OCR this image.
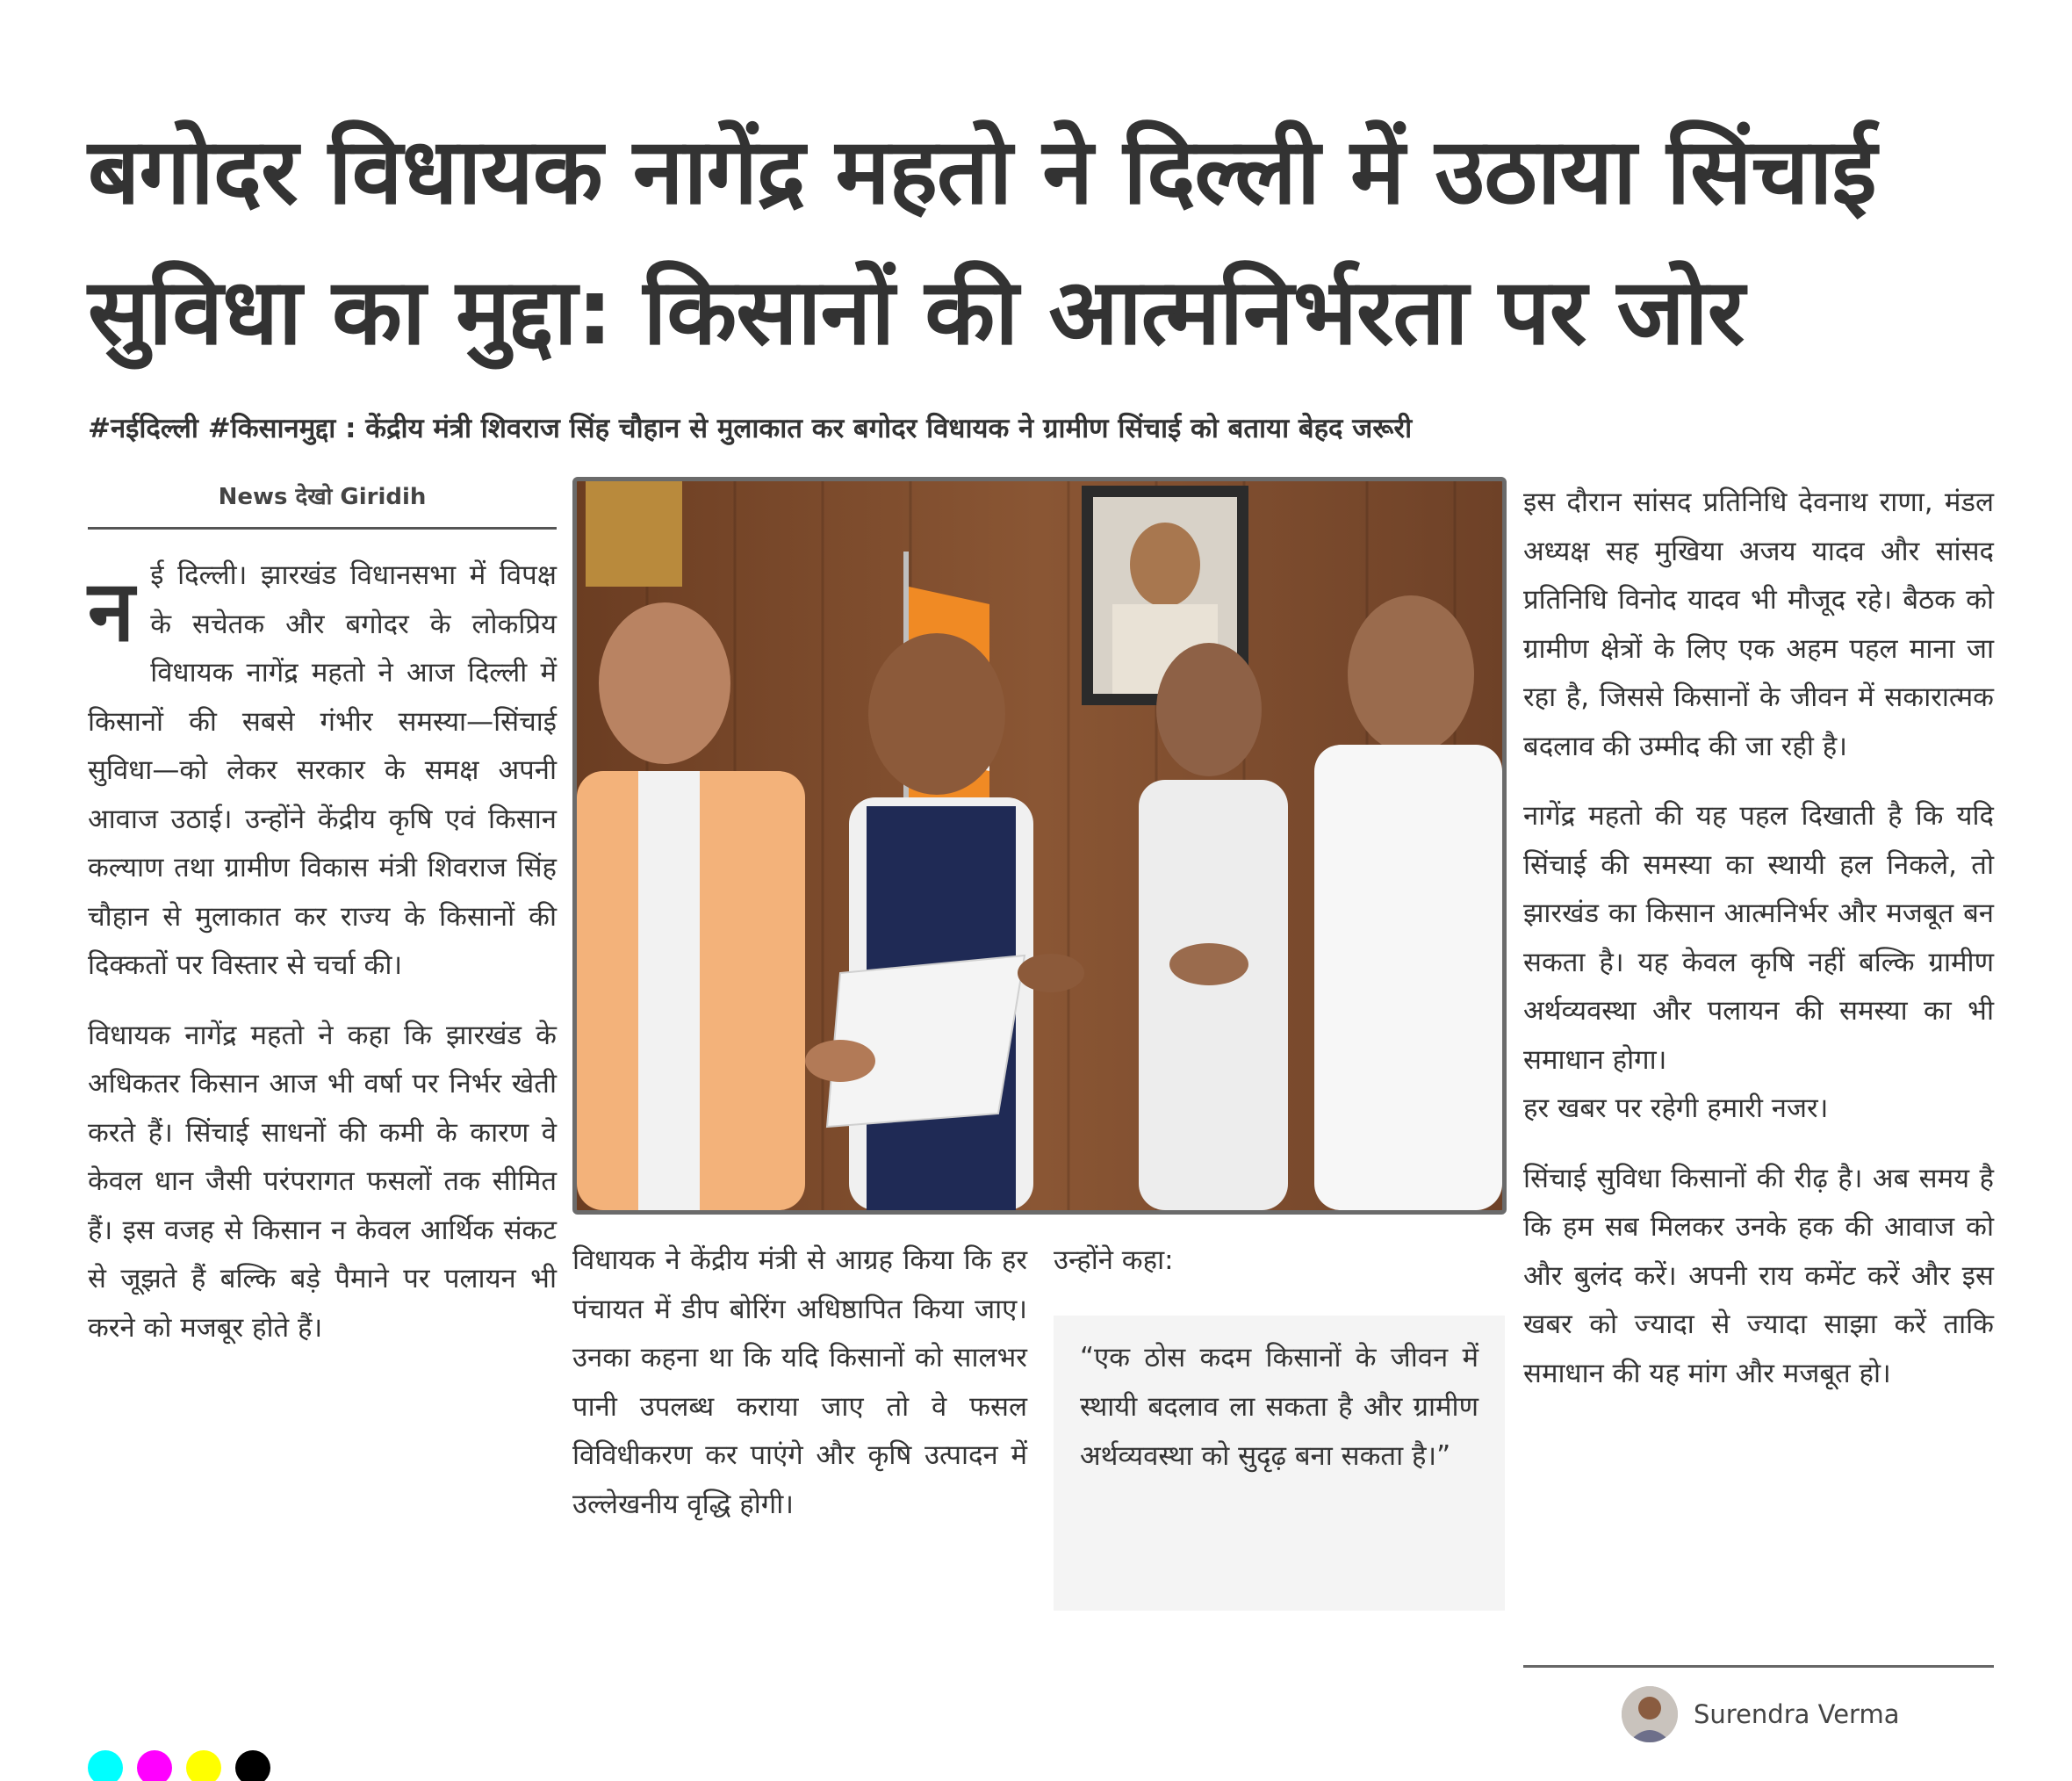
बगोदर विधायक नागेंद्र महतो ने दिल्ली में उठाया सिंचाई
सुविधा का मुद्दा: किसानों की आत्मनिर्भरता पर जोर
#नईदिल्ली #किसानमुद्दा : केंद्रीय मंत्री शिवराज सिंह चौहान से मुलाकात कर बगोदर विधायक ने ग्रामीण सिंचाई को बताया बेहद जरूरी
News देखो Giridih

नई दिल्ली। झारखंड विधानसभा में विपक्ष के सचेतक और बगोदर के लोकप्रिय विधायक नागेंद्र महतो ने आज दिल्ली में किसानों की सबसे गंभीर समस्या—सिंचाई सुविधा—को लेकर सरकार के समक्ष अपनी आवाज उठाई। उन्होंने केंद्रीय कृषि एवं किसान कल्याण तथा ग्रामीण विकास मंत्री शिवराज सिंह चौहान से मुलाकात कर राज्य के किसानों की दिक्कतों पर विस्तार से चर्चा की।

विधायक नागेंद्र महतो ने कहा कि झारखंड के अधिकतर किसान आज भी वर्षा पर निर्भर खेती करते हैं। सिंचाई साधनों की कमी के कारण वे केवल धान जैसी परंपरागत फसलों तक सीमित हैं। इस वजह से किसान न केवल आर्थिक संकट से जूझते हैं बल्कि बड़े पैमाने पर पलायन भी करने को मजबूर होते हैं।

विधायक ने केंद्रीय मंत्री से आग्रह किया कि हर पंचायत में डीप बोरिंग अधिष्ठापित किया जाए। उनका कहना था कि यदि किसानों को सालभर पानी उपलब्ध कराया जाए तो वे फसल विविधीकरण कर पाएंगे और कृषि उत्पादन में उल्लेखनीय वृद्धि होगी।

उन्होंने कहा:

“एक ठोस कदम किसानों के जीवन में स्थायी बदलाव ला सकता है और ग्रामीण अर्थव्यवस्था को सुदृढ़ बना सकता है।”

इस दौरान सांसद प्रतिनिधि देवनाथ राणा, मंडल अध्यक्ष सह मुखिया अजय यादव और सांसद प्रतिनिधि विनोद यादव भी मौजूद रहे। बैठक को ग्रामीण क्षेत्रों के लिए एक अहम पहल माना जा रहा है, जिससे किसानों के जीवन में सकारात्मक बदलाव की उम्मीद की जा रही है।

नागेंद्र महतो की यह पहल दिखाती है कि यदि सिंचाई की समस्या का स्थायी हल निकले, तो झारखंड का किसान आत्मनिर्भर और मजबूत बन सकता है। यह केवल कृषि नहीं बल्कि ग्रामीण अर्थव्यवस्था और पलायन की समस्या का भी समाधान होगा।
हर खबर पर रहेगी हमारी नजर।

सिंचाई सुविधा किसानों की रीढ़ है। अब समय है कि हम सब मिलकर उनके हक की आवाज को और बुलंद करें। अपनी राय कमेंट करें और इस खबर को ज्यादा से ज्यादा साझा करें ताकि समाधान की यह मांग और मजबूत हो।

Surendra Verma
